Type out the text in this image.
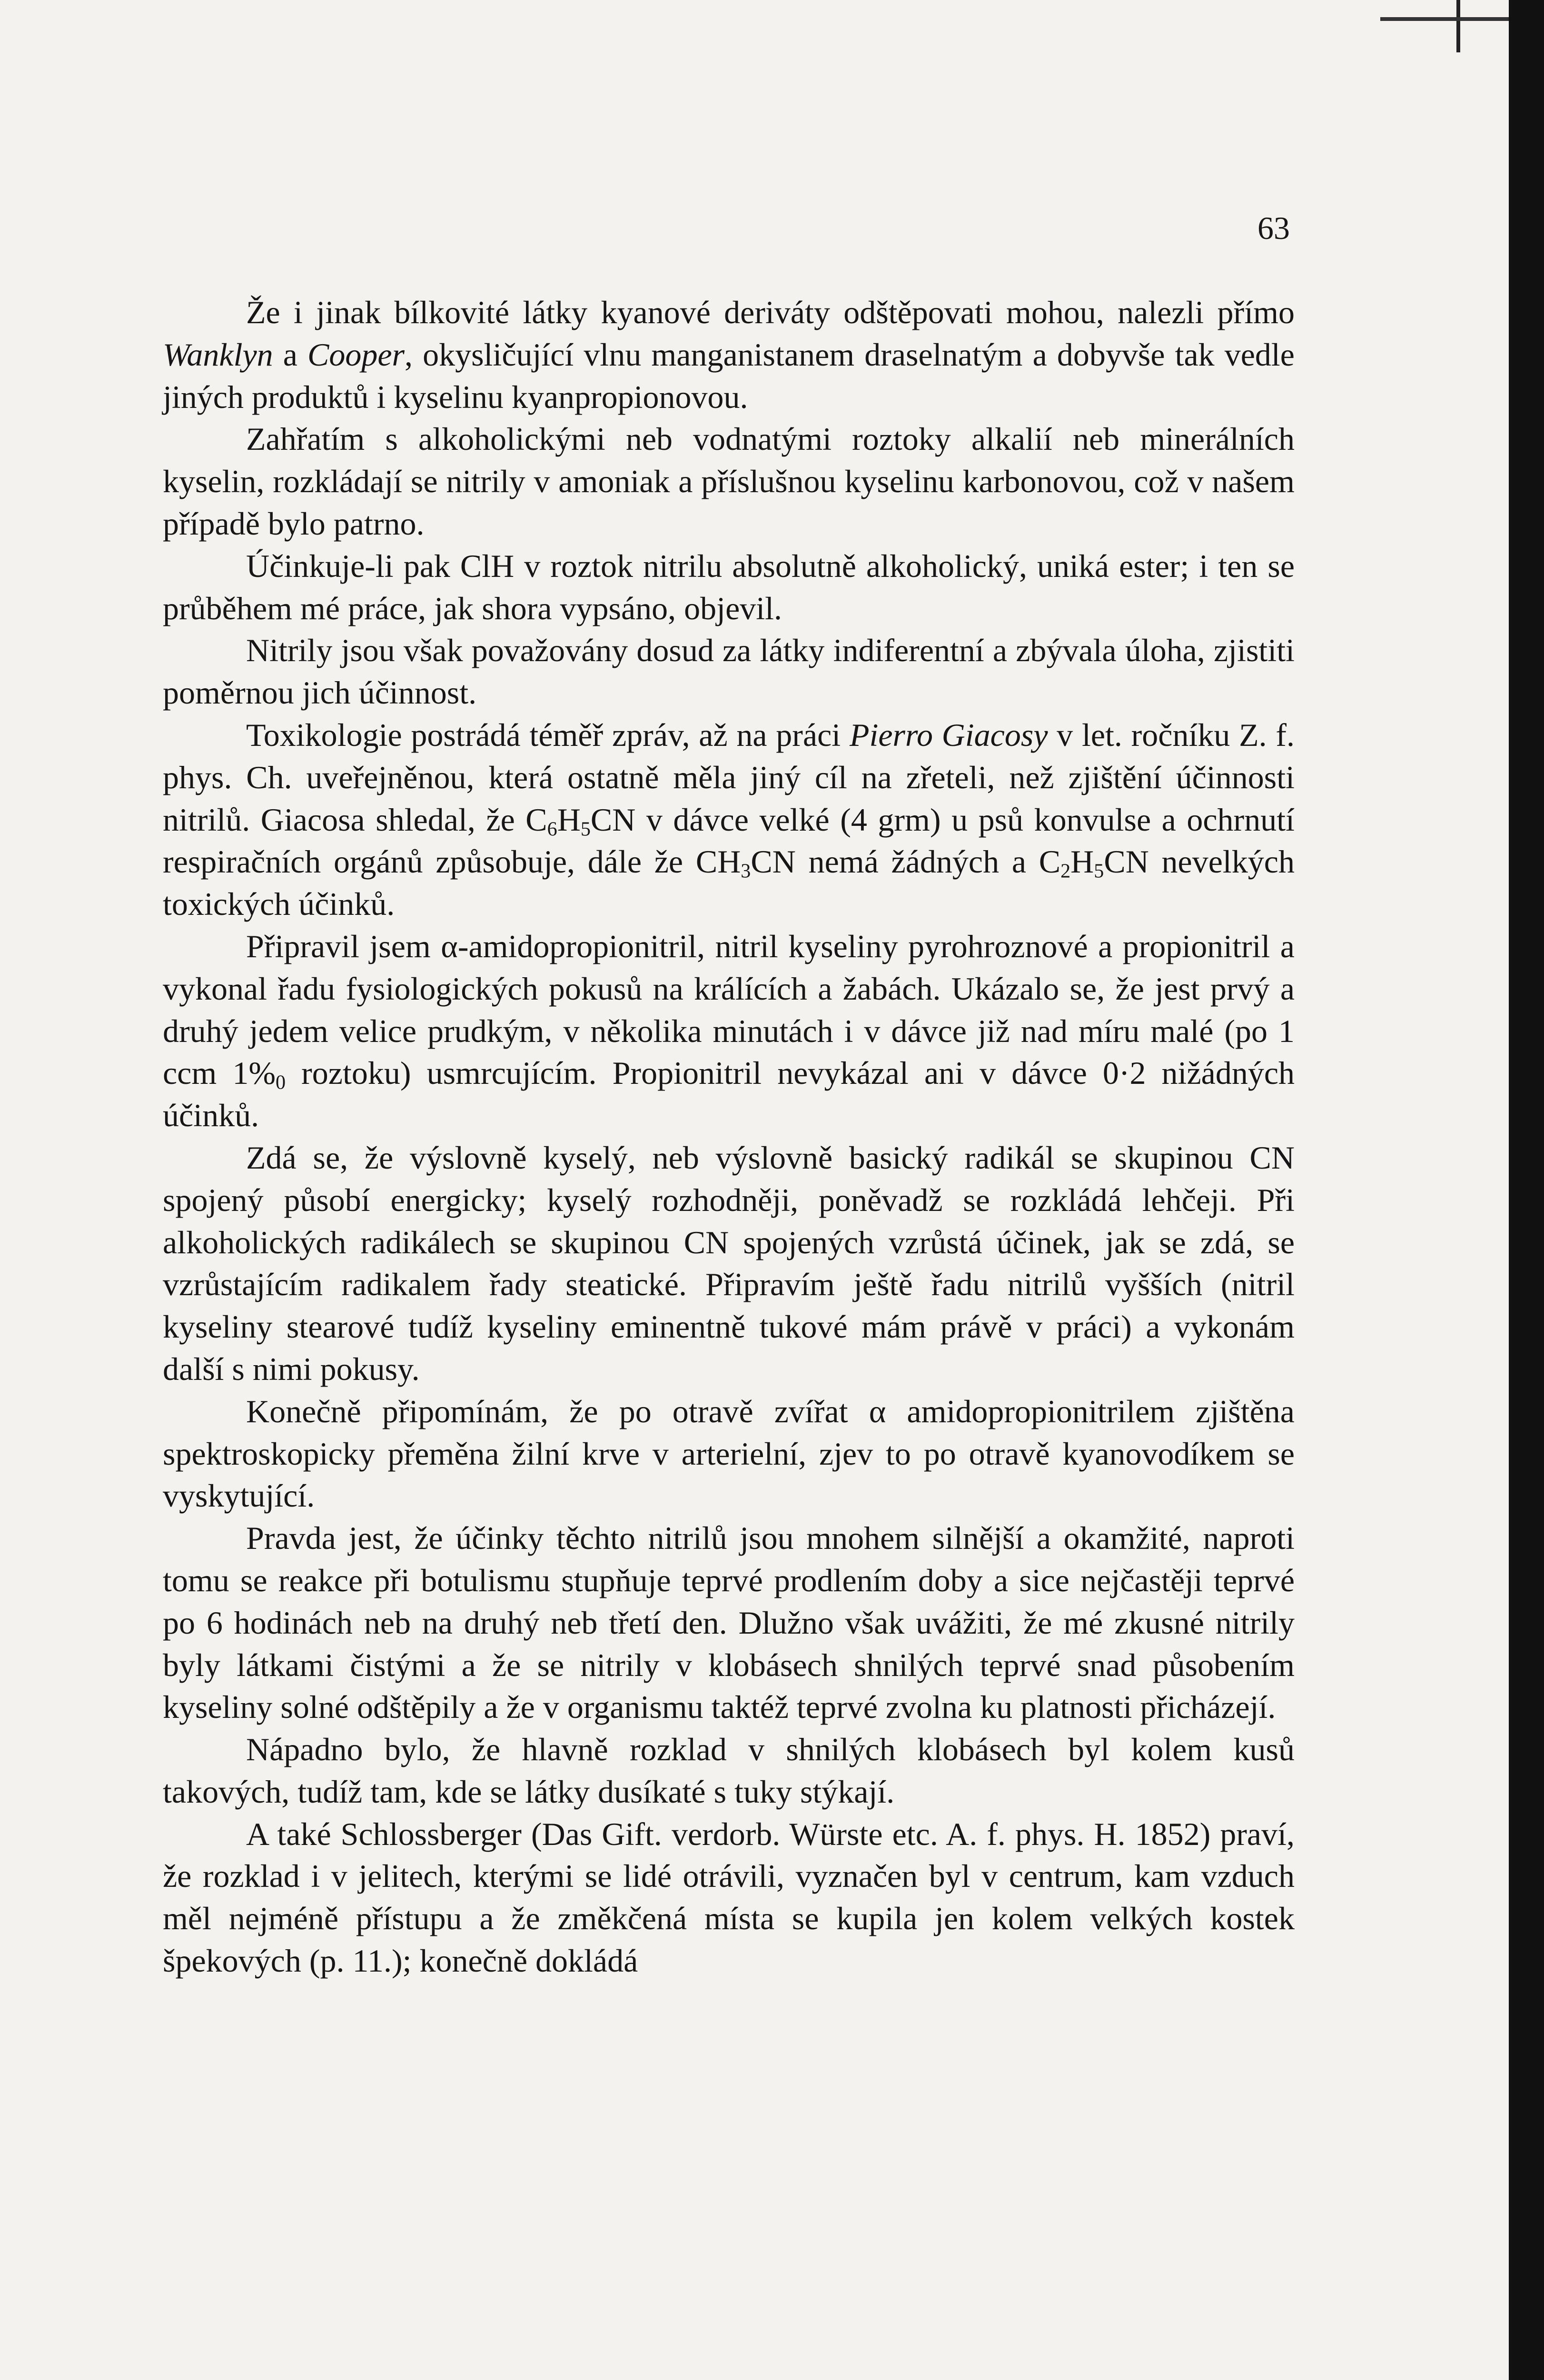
63

Že i jinak bílkovité látky kyanové deriváty odštěpovati mohou, nalezli přímo Wanklyn a Cooper, okysličující vlnu manganistanem draselnatým a dobyvše tak vedle jiných produktů i kyselinu kyanpropionovou.

Zahřatím s alkoholickými neb vodnatými roztoky alkalií neb minerálních kyselin, rozkládají se nitrily v amoniak a příslušnou kyselinu karbonovou, což v našem případě bylo patrno.

Účinkuje-li pak ClH v roztok nitrilu absolutně alkoholický, uniká ester; i ten se průběhem mé práce, jak shora vypsáno, objevil.

Nitrily jsou však považovány dosud za látky indiferentní a zbývala úloha, zjistiti poměrnou jich účinnost.

Toxikologie postrádá téměř zpráv, až na práci Pierro Giacosy v let. ročníku Z. f. phys. Ch. uveřejněnou, která ostatně měla jiný cíl na zřeteli, než zjištění účinnosti nitrilů. Giacosa shledal, že $C_6H_5CN$ v dávce velké (4 grm) u psů konvulse a ochrnutí respiračních orgánů způsobuje, dále že $CH_3CN$ nemá žádných a $C_2H_5CN$ nevelkých toxických účinků.

Připravil jsem α-amidopropionitril, nitril kyseliny pyrohroznové a propionitril a vykonal řadu fysiologických pokusů na králících a žabách. Ukázalo se, že jest prvý a druhý jedem velice prudkým, v několika minutách i v dávce již nad míru malé (po 1 ccm $1\%_0$ roztoku) usmrcujícím. Propionitril nevykázal ani v dávce 0·2 nižádných účinků.

Zdá se, že výslovně kyselý, neb výslovně basický radikál se skupinou CN spojený působí energicky; kyselý rozhodněji, poněvadž se rozkládá lehčeji. Při alkoholických radikálech se skupinou CN spojených vzrůstá účinek, jak se zdá, se vzrůstajícím radikalem řady steatické. Připravím ještě řadu nitrilů vyšších (nitril kyseliny stearové tudíž kyseliny eminentně tukové mám právě v práci) a vykonám další s nimi pokusy.

Konečně připomínám, že po otravě zvířat α amidopropionitrilem zjištěna spektroskopicky přeměna žilní krve v arterielní, zjev to po otravě kyanovodíkem se vyskytující.

Pravda jest, že účinky těchto nitrilů jsou mnohem silnější a okamžité, naproti tomu se reakce při botulismu stupňuje teprvé prodlením doby a sice nejčastěji teprvé po 6 hodinách neb na druhý neb třetí den. Dlužno však uvážiti, že mé zkusné nitrily byly látkami čistými a že se nitrily v klobásech shnilých teprvé snad působením kyseliny solné odštěpily a že v organismu taktéž teprvé zvolna ku platnosti přicházejí.

Nápadno bylo, že hlavně rozklad v shnilých klobásech byl kolem kusů takových, tudíž tam, kde se látky dusíkaté s tuky stýkají.

A také Schlossberger (Das Gift. verdorb. Würste etc. A. f. phys. H. 1852) praví, že rozklad i v jelitech, kterými se lidé otrávili, vyznačen byl v centrum, kam vzduch měl nejméně přístupu a že změkčená místa se kupila jen kolem velkých kostek špekových (p. 11.); konečně dokládá
